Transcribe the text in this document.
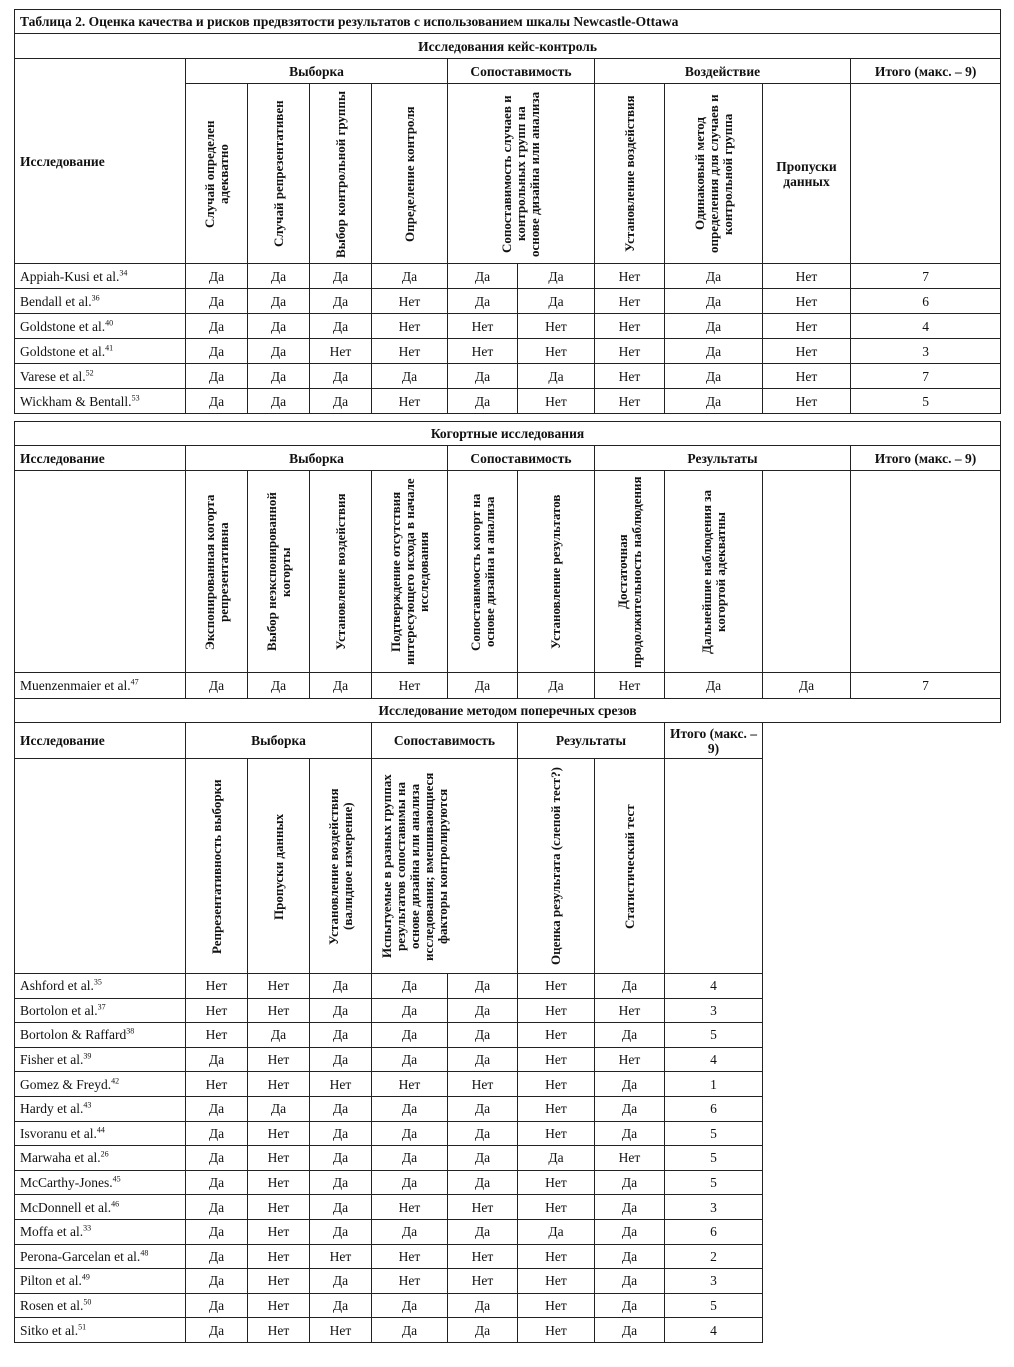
Таблица 2. Оценка качества и рисков предвзятости результатов с использованием шкалы Newcastle-Ottawa										
Исследования кейс-контроль										
Исследование	Выборка				Сопоставимость		Воздействие			Итого (макс. – 9)

	Случай определен адекватно	Случай репрезентативен	Выбор контрольной группы	Определение контроля	Сопоставимость случаев и контрольных групп на основе дизайна или анализа		Установление воздействия	Одинаковый метод определения для случаев и контрольной группа	Пропуски данных	
Appiah-Kusi et al.$^{34}$	Да	Да	Да	Да	Да	Да	Нет	Да	Нет	7
Bendall et al.$^{36}$	Да	Да	Да	Нет	Да	Да	Нет	Да	Нет	6
Goldstone et al.$^{40}$	Да	Да	Да	Нет	Нет	Нет	Нет	Да	Нет	4
Goldstone et al.$^{41}$	Да	Да	Нет	Нет	Нет	Нет	Нет	Да	Нет	3
Varese et al.$^{52}$	Да	Да	Да	Да	Да	Да	Нет	Да	Нет	7
Wickham & Bentall.$^{53}$	Да	Да	Да	Нет	Да	Нет	Нет	Да	Нет	5
Когортные исследования										
Исследование	Выборка				Сопоставимость		Результаты			Итого (макс. – 9)

	Экспонированная когорта репрезентативна	Выбор неэкспонированной когорты	Установление воздействия	Подтверждение отсутствия интересующего исхода в начале исследования	Сопоставимость когорт на основе дизайна и анализа	Установление результатов	Достаточная продолжительность наблюдения	Дальнейшие наблюдения за когортой адекватны		

Muenzenmaier et al.$^{47}$	Да	Да	Да	Нет	Да	Да	Нет	Да	Да	7
Исследование методом поперечных срезов									
Исследование	Выборка			Сопоставимость		Результаты		Итого (макс. – 9)	

	Репрезентативность выборки	Пропуски данных	Установление воздействия (валидное измерение)	Испытуемые в разных группах результатов сопоставимы на основе дизайна или анализа исследования; вмешивающиеся факторы контролируются		Оценка результата (слепой тест?)	Статистический тест		

Ashford et al.$^{35}$	Нет	Нет	Да	Да	Да	Нет	Да	4	
Bortolon et al.$^{37}$	Нет	Нет	Да	Да	Да	Нет	Нет	3	
Bortolon & Raffard$^{38}$	Нет	Да	Да	Да	Да	Нет	Да	5	
Fisher et al.$^{39}$	Да	Нет	Да	Да	Да	Нет	Нет	4	
Gomez & Freyd.$^{42}$	Нет	Нет	Нет	Нет	Нет	Нет	Да	1	
Hardy et al.$^{43}$	Да	Да	Да	Да	Да	Нет	Да	6	
Isvoranu et al.$^{44}$	Да	Нет	Да	Да	Да	Нет	Да	5	
Marwaha et al.$^{26}$	Да	Нет	Да	Да	Да	Да	Нет	5	
McCarthy-Jones.$^{45}$	Да	Нет	Да	Да	Да	Нет	Да	5	
McDonnell et al.$^{46}$	Да	Нет	Да	Нет	Нет	Нет	Да	3	
Moffa et al.$^{33}$	Да	Нет	Да	Да	Да	Да	Да	6	
Perona-Garcelan et al.$^{48}$	Да	Нет	Нет	Нет	Нет	Нет	Да	2	
Pilton et al.$^{49}$	Да	Нет	Да	Нет	Нет	Нет	Да	3	
Rosen et al.$^{50}$	Да	Нет	Да	Да	Да	Нет	Да	5	
Sitko et al.$^{51}$	Да	Нет	Нет	Да	Да	Нет	Да	4	
